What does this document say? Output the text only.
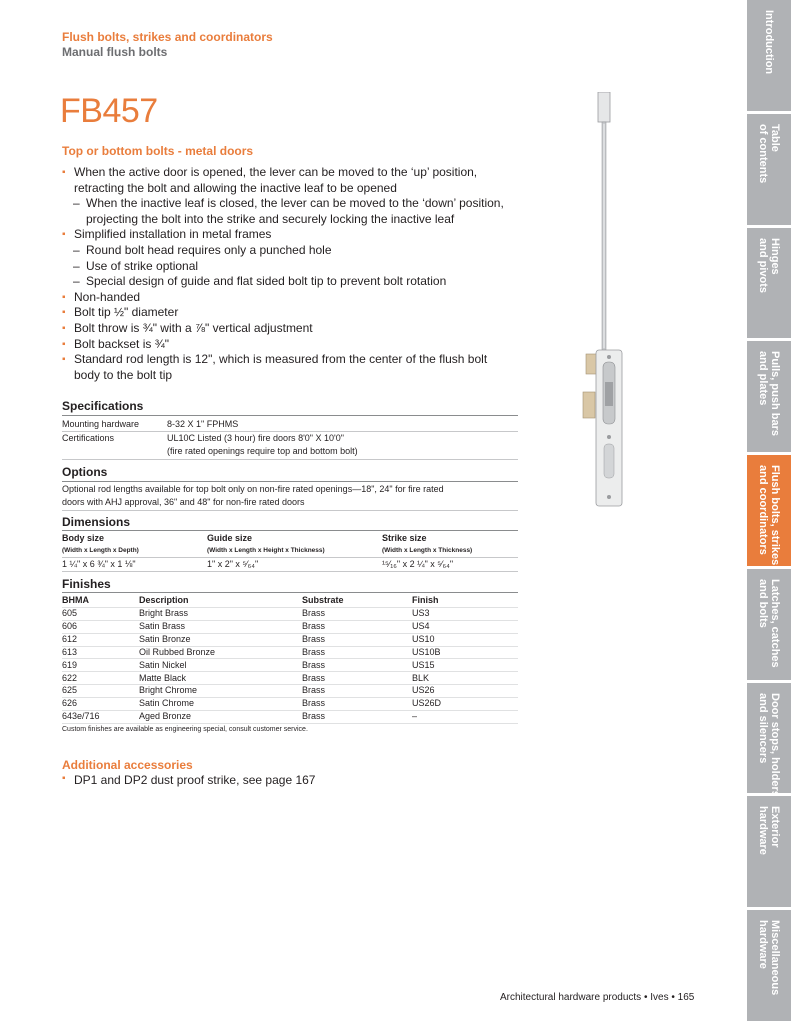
Flush bolts, strikes and coordinators
Manual flush bolts
FB457
Top or bottom bolts - metal doors
▪ When the active door is opened, the lever can be moved to the ‘up’ position,
retracting the bolt and allowing the inactive leaf to be opened
– When the inactive leaf is closed, the lever can be moved to the ‘down’ position,
projecting the bolt into the strike and securely locking the inactive leaf
▪ Simplified installation in metal frames
– Round bolt head requires only a punched hole
– Use of strike optional
– Special design of guide and flat sided bolt tip to prevent bolt rotation
▪ Non-handed
▪ Bolt tip ½" diameter
▪ Bolt throw is ¾" with a ⅞" vertical adjustment
▪ Bolt backset is ¾"
▪ Standard rod length is 12", which is measured from the center of the flush bolt
body to the bolt tip
Specifications
Mounting hardware	8-32 X 1" FPHMS
Certifications	UL10C Listed (3 hour) fire doors 8'0" X 10'0"
(fire rated openings require top and bottom bolt)
Options
Optional rod lengths available for top bolt only on non-fire rated openings—18", 24" for fire rated
doors with AHJ approval, 36" and 48" for non-fire rated doors
Dimensions
Body size	Guide size	Strike size
(Width x Length x Depth)	(Width x Length x Height x Thickness)	(Width x Length x Thickness)
1 ¼" x 6 ¾" x 1 ⅛"	1" x 2" x ⁵⁄₆₄"	¹⁵⁄₁₆" x 2 ¼" x ⁵⁄₆₄"
Finishes
BHMA	Description	Substrate	Finish
605	Bright Brass	Brass	US3
606	Satin Brass	Brass	US4
612	Satin Bronze	Brass	US10
613	Oil Rubbed Bronze	Brass	US10B
619	Satin Nickel	Brass	US15
622	Matte Black	Brass	BLK
625	Bright Chrome	Brass	US26
626	Satin Chrome	Brass	US26D
643e/716	Aged Bronze	Brass	–
Custom finishes are available as engineering special, consult customer service.
Additional accessories
▪ DP1 and DP2 dust proof strike, see page 167
Architectural hardware products • Ives • 165
Introduction
Table
of contents
Hinges
and pivots
Pulls, push bars
and plates
Flush bolts, strikes
and coordinators
Latches, catches
and bolts
Door stops, holders
and silencers
Exterior
hardware
Miscellaneous
hardware
